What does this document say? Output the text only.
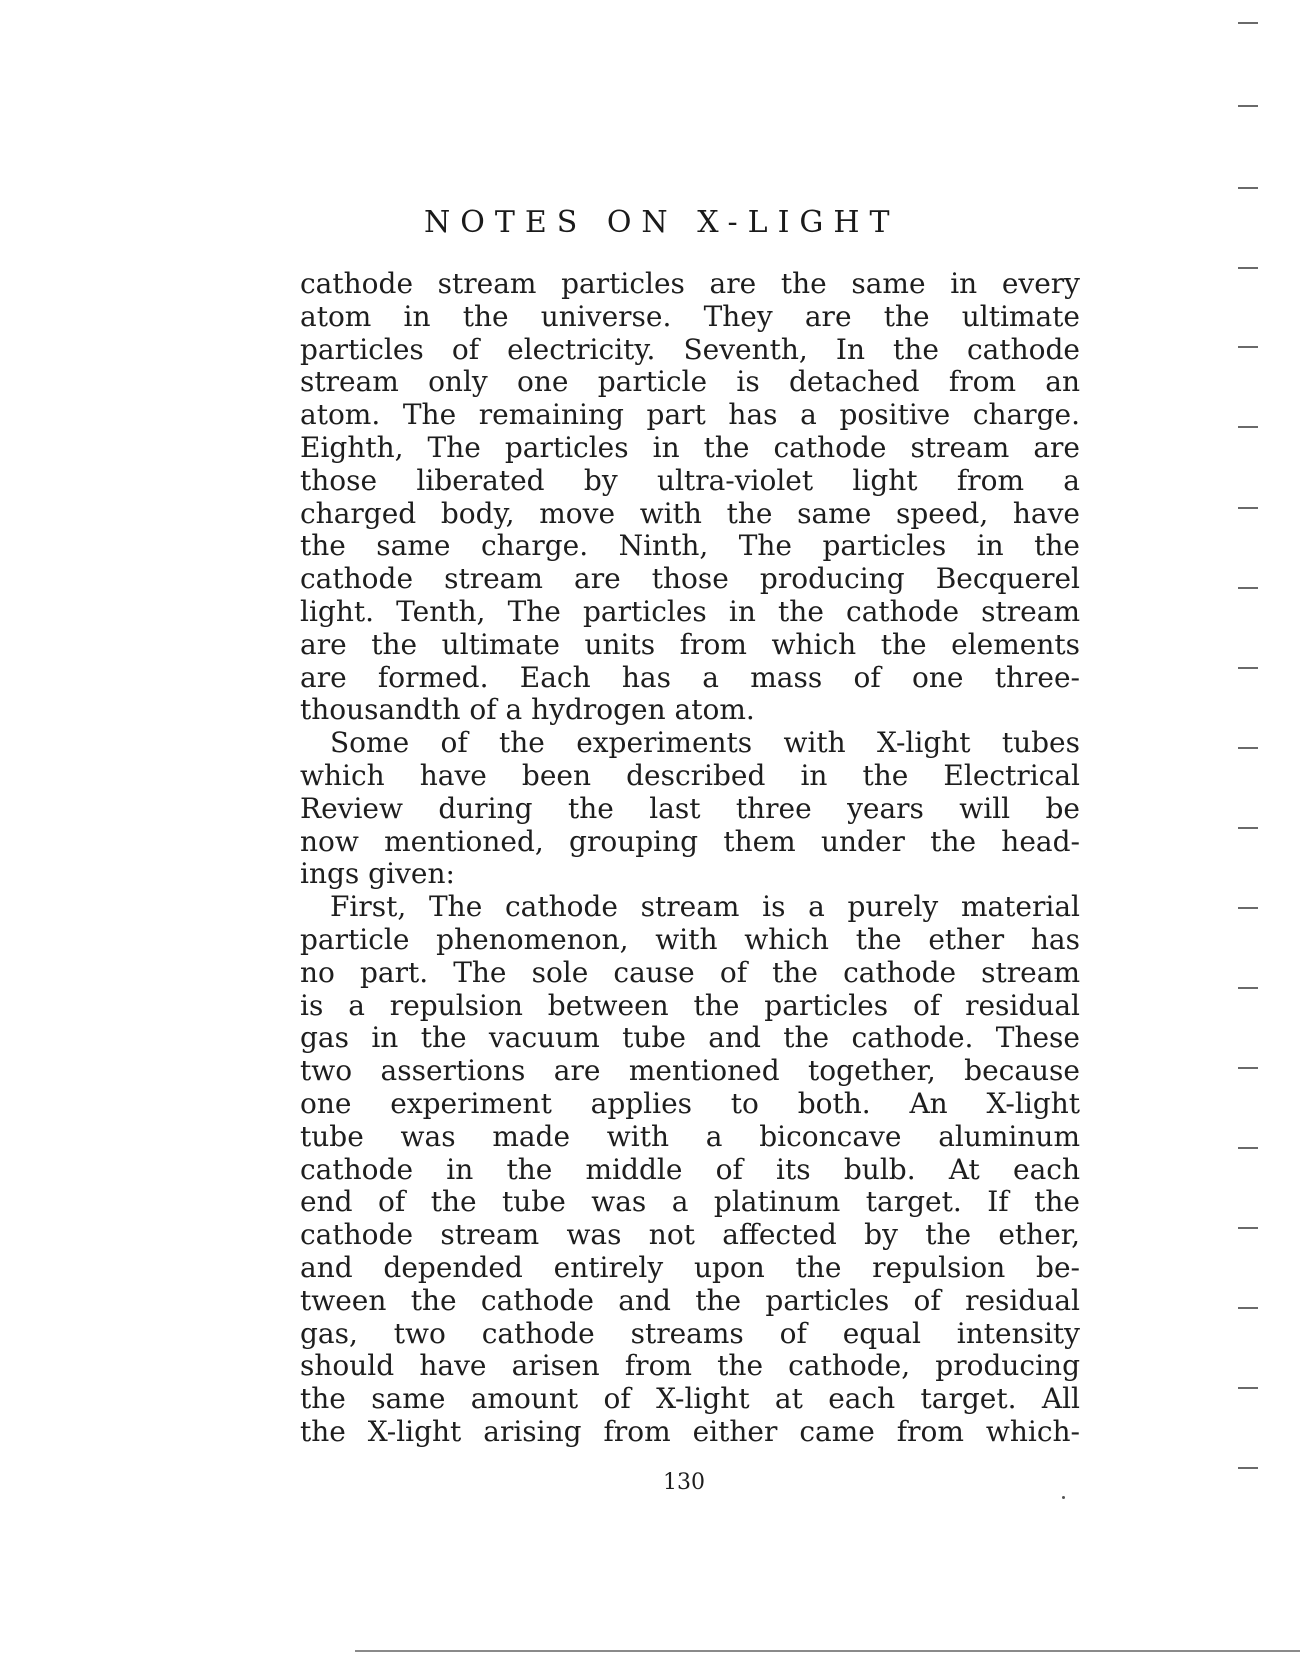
NOTES ON X-LIGHT
cathode stream particles are the same in every
atom in the universe. They are the ultimate
particles of electricity. Seventh, In the cathode
stream only one particle is detached from an
atom. The remaining part has a positive charge.
Eighth, The particles in the cathode stream are
those liberated by ultra-violet light from a
charged body, move with the same speed, have
the same charge. Ninth, The particles in the
cathode stream are those producing Becquerel
light. Tenth, The particles in the cathode stream
are the ultimate units from which the elements
are formed. Each has a mass of one three-
thousandth of a hydrogen atom.
Some of the experiments with X-light tubes
which have been described in the Electrical
Review during the last three years will be
now mentioned, grouping them under the head-
ings given:
First, The cathode stream is a purely material
particle phenomenon, with which the ether has
no part. The sole cause of the cathode stream
is a repulsion between the particles of residual
gas in the vacuum tube and the cathode. These
two assertions are mentioned together, because
one experiment applies to both. An X-light
tube was made with a biconcave aluminum
cathode in the middle of its bulb. At each
end of the tube was a platinum target. If the
cathode stream was not affected by the ether,
and depended entirely upon the repulsion be-
tween the cathode and the particles of residual
gas, two cathode streams of equal intensity
should have arisen from the cathode, producing
the same amount of X-light at each target. All
the X-light arising from either came from which-
130
